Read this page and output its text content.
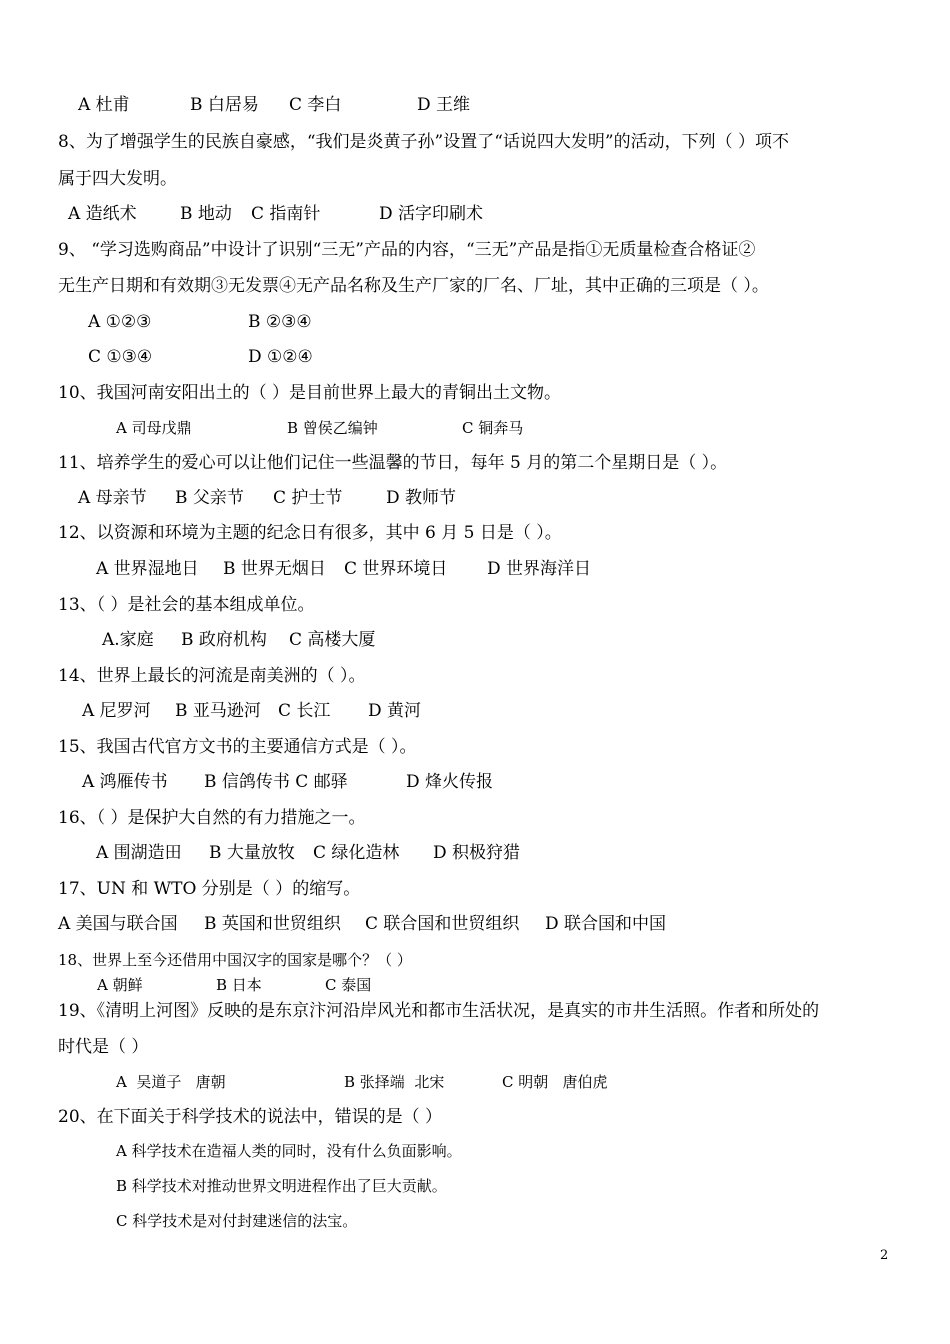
A 杜甫	B 白居易 C 李白	D 王维
8、为了增强学生的民族自豪感，“我们是炎黄子孙”设置了“话说四大发明”的活动，下列（ ）项不
属于四大发明。
A 造纸术	B 地动 C 指南针	D 活字印刷术
9、 “学习选购商品”中设计了识别“三无”产品的内容，“三无”产品是指①无质量检查合格证②
无生产日期和有效期③无发票④无产品名称及生产厂家的厂名、厂址，其中正确的三项是（ ）。
A ①②③	B ②③④
C ①③④	D ①②④
10、我国河南安阳出土的（ ）是目前世界上最大的青铜出土文物。
A 司母戊鼎	B 曾侯乙编钟	C 铜奔马
11、培养学生的爱心可以让他们记住一些温馨的节日，每年 5 月的第二个星期日是（ ）。
A 母亲节 B 父亲节 C 护士节	D 教师节
12、以资源和环境为主题的纪念日有很多，其中 6 月 5 日是（ ）。
A 世界湿地日 B 世界无烟日 C 世界环境日 D 世界海洋日
13、（ ）是社会的基本组成单位。
A.家庭 B 政府机构 C 高楼大厦
14、世界上最长的河流是南美洲的（ ）。
A 尼罗河 B 亚马逊河 C 长江 D 黄河
15、我国古代官方文书的主要通信方式是（ ）。
A 鸿雁传书 B 信鸽传书 C 邮驿	D 烽火传报
16、（ ）是保护大自然的有力措施之一。
A 围湖造田 B 大量放牧 C 绿化造林 D 积极狩猎
17、UN 和 WTO 分别是（ ）的缩写。
A 美国与联合国 B 英国和世贸组织 C 联合国和世贸组织 D 联合国和中国
18、世界上至今还借用中国汉字的国家是哪个？（ ）
A 朝鲜	B 日本	C 泰国
19、《清明上河图》反映的是东京汴河沿岸风光和都市生活状况，是真实的市井生活照。作者和所处的
时代是（ ）
A  吴道子   唐朝	B 张择端  北宋	C 明朝   唐伯虎
20、在下面关于科学技术的说法中，错误的是（ ）
A 科学技术在造福人类的同时，没有什么负面影响。
B 科学技术对推动世界文明进程作出了巨大贡献。
C 科学技术是对付封建迷信的法宝。
2
